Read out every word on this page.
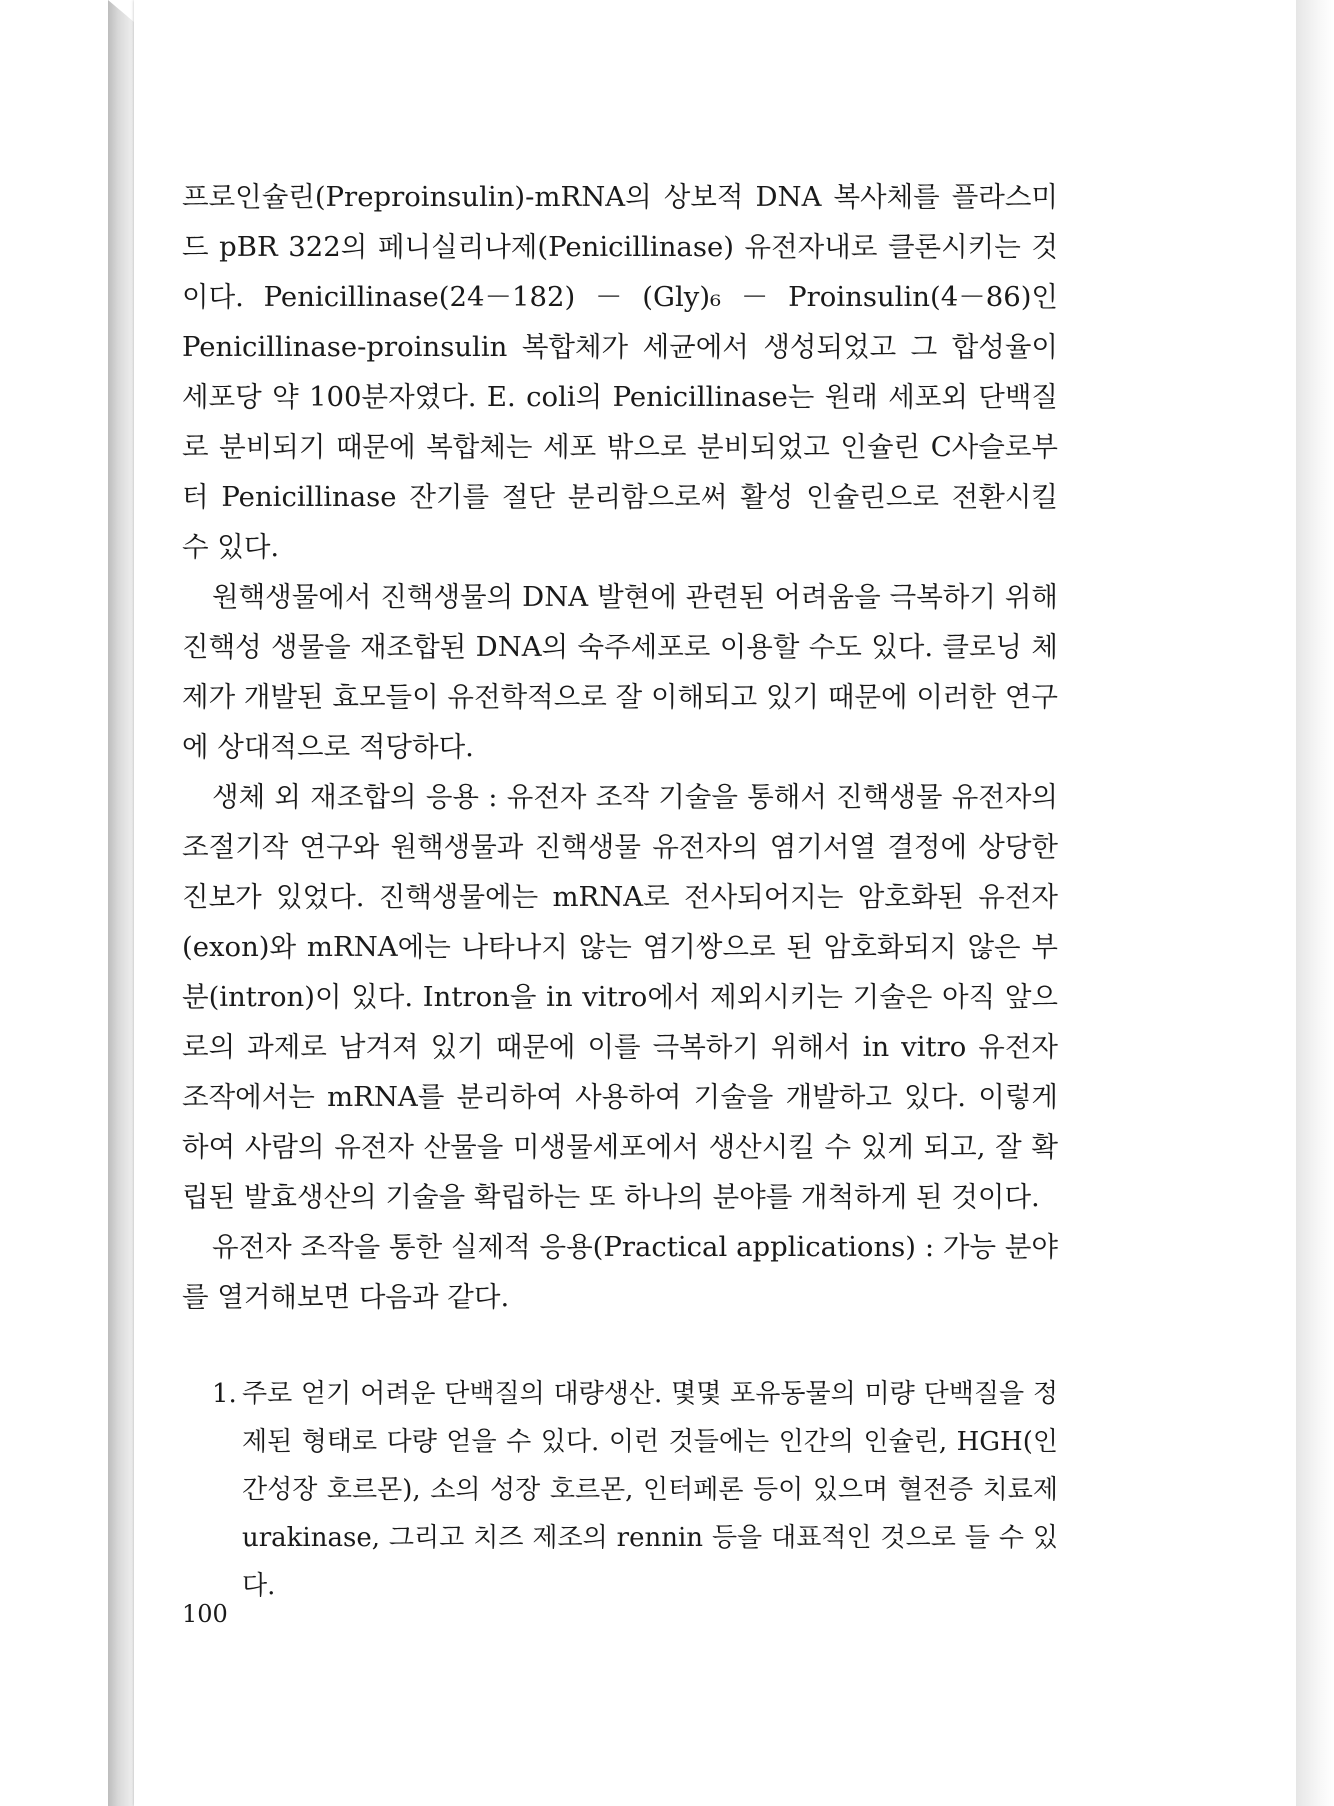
프로인슐린(Preproinsulin)-mRNA의 상보적 DNA 복사체를 플라스미드 pBR 322의 페니실리나제(Penicillinase) 유전자내로 클론시키는 것이다. Penicillinase(24－182) － (Gly)₆ － Proinsulin(4－86)인 Penicillinase-proinsulin 복합체가 세균에서 생성되었고 그 합성율이 세포당 약 100분자였다. E. coli의 Penicillinase는 원래 세포외 단백질로 분비되기 때문에 복합체는 세포 밖으로 분비되었고 인슐린 C사슬로부터 Penicillinase 잔기를 절단 분리함으로써 활성 인슐린으로 전환시킬 수 있다.

원핵생물에서 진핵생물의 DNA 발현에 관련된 어려움을 극복하기 위해 진핵성 생물을 재조합된 DNA의 숙주세포로 이용할 수도 있다. 클로닝 체제가 개발된 효모들이 유전학적으로 잘 이해되고 있기 때문에 이러한 연구에 상대적으로 적당하다.

생체 외 재조합의 응용 : 유전자 조작 기술을 통해서 진핵생물 유전자의 조절기작 연구와 원핵생물과 진핵생물 유전자의 염기서열 결정에 상당한 진보가 있었다. 진핵생물에는 mRNA로 전사되어지는 암호화된 유전자(exon)와 mRNA에는 나타나지 않는 염기쌍으로 된 암호화되지 않은 부분(intron)이 있다. Intron을 in vitro에서 제외시키는 기술은 아직 앞으로의 과제로 남겨져 있기 때문에 이를 극복하기 위해서 in vitro 유전자 조작에서는 mRNA를 분리하여 사용하여 기술을 개발하고 있다. 이렇게 하여 사람의 유전자 산물을 미생물세포에서 생산시킬 수 있게 되고, 잘 확립된 발효생산의 기술을 확립하는 또 하나의 분야를 개척하게 된 것이다.

유전자 조작을 통한 실제적 응용(Practical applications) : 가능 분야를 열거해보면 다음과 같다.

1. 주로 얻기 어려운 단백질의 대량생산. 몇몇 포유동물의 미량 단백질을 정제된 형태로 다량 얻을 수 있다. 이런 것들에는 인간의 인슐린, HGH(인간성장 호르몬), 소의 성장 호르몬, 인터페론 등이 있으며 혈전증 치료제 urakinase, 그리고 치즈 제조의 rennin 등을 대표적인 것으로 들 수 있다.
100
